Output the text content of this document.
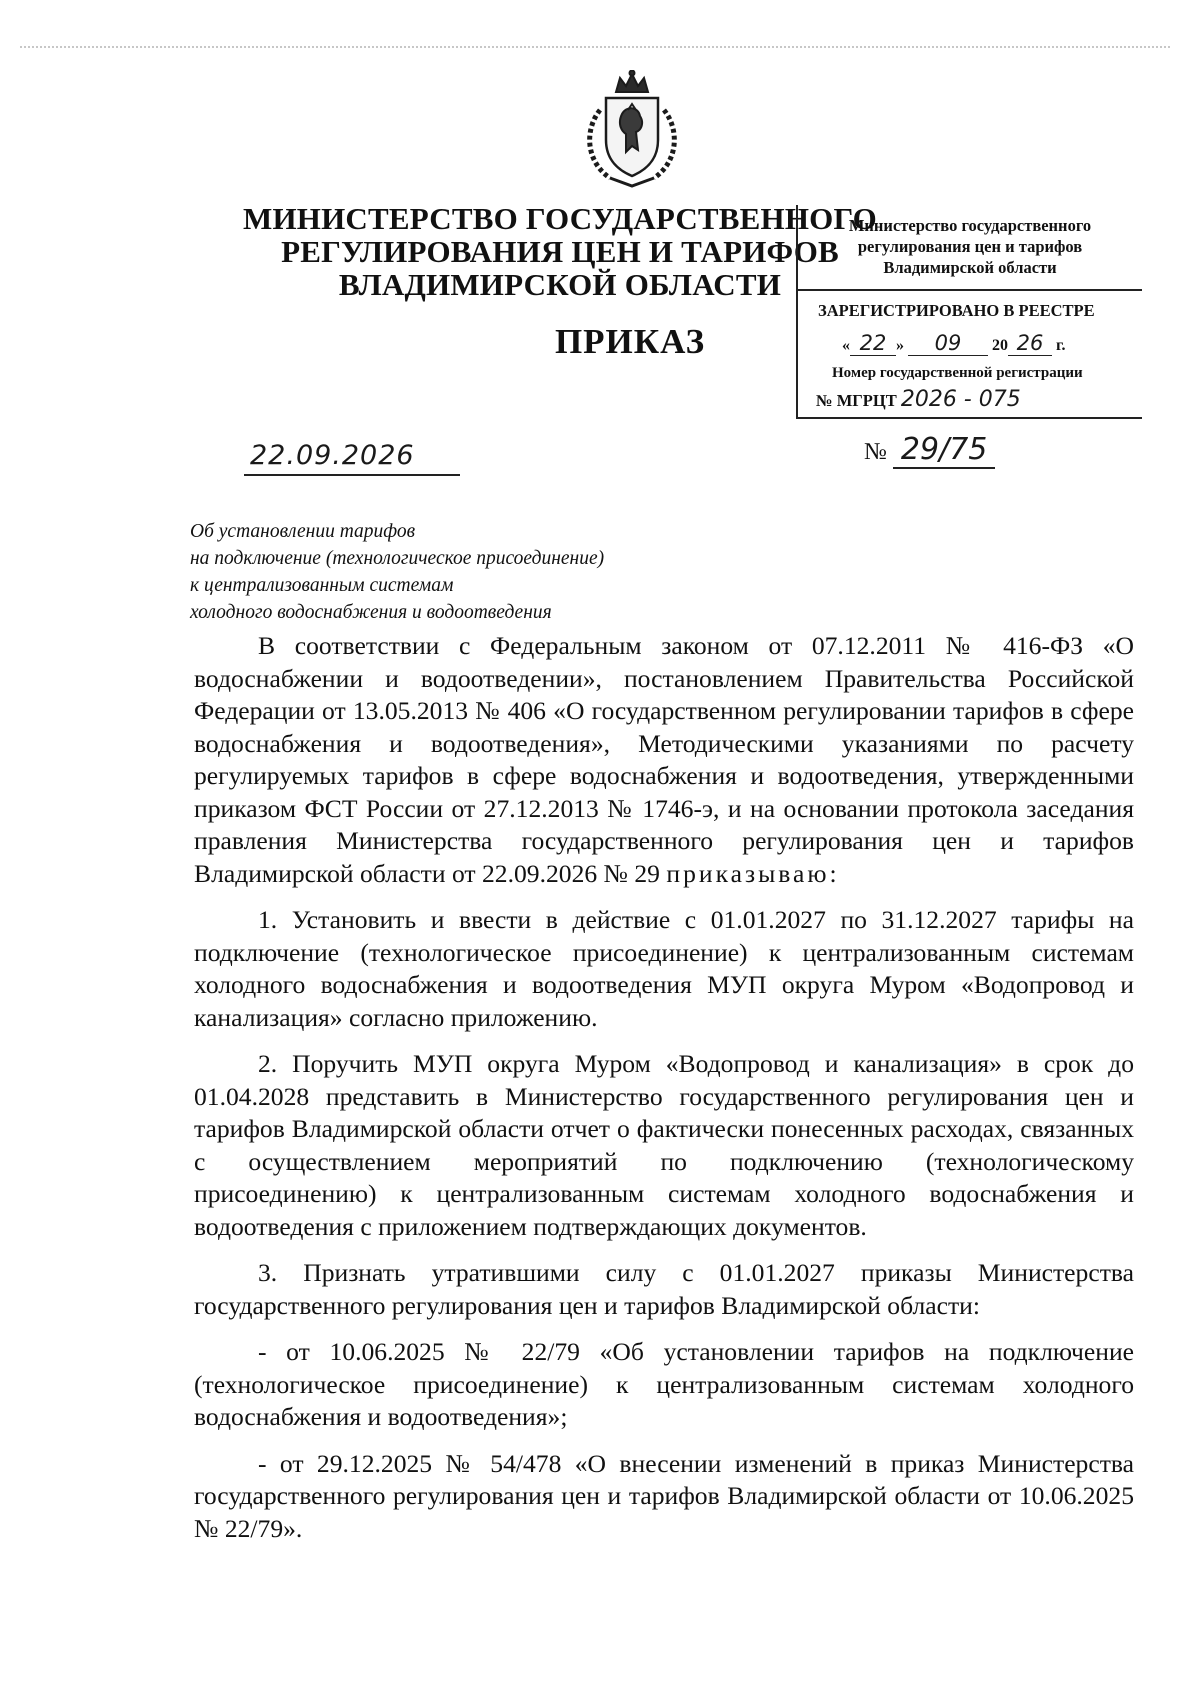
МИНИСТЕРСТВО ГОСУДАРСТВЕННОГО
РЕГУЛИРОВАНИЯ ЦЕН И ТАРИФОВ
ВЛАДИМИРСКОЙ ОБЛАСТИ
ПРИКАЗ
Министерство государственного
регулирования цен и тарифов
Владимирской области
ЗАРЕГИСТРИРОВАНО В РЕЕСТРЕ
« 22 » 09 20 26 г.
Номер государственной регистрации
№ МГРЦТ 2026 - 075
22.09.2026	№ 29/75
Об установлении тарифов
на подключение (технологическое присоединение)
к централизованным системам
холодного водоснабжения и водоотведения

В соответствии с Федеральным законом от 07.12.2011 № 416-ФЗ «О водоснабжении и водоотведении», постановлением Правительства Российской Федерации от 13.05.2013 № 406 «О государственном регулировании тарифов в сфере водоснабжения и водоотведения», Методическими указаниями по расчету регулируемых тарифов в сфере водоснабжения и водоотведения, утвержденными приказом ФСТ России от 27.12.2013 № 1746-э, и на основании протокола заседания правления Министерства государственного регулирования цен и тарифов Владимирской области от 22.09.2026 № 29 приказываю:

1. Установить и ввести в действие с 01.01.2027 по 31.12.2027 тарифы на подключение (технологическое присоединение) к централизованным системам холодного водоснабжения и водоотведения МУП округа Муром «Водопровод и канализация» согласно приложению.

2. Поручить МУП округа Муром «Водопровод и канализация» в срок до 01.04.2028 представить в Министерство государственного регулирования цен и тарифов Владимирской области отчет о фактически понесенных расходах, связанных с осуществлением мероприятий по подключению (технологическому присоединению) к централизованным системам холодного водоснабжения и водоотведения с приложением подтверждающих документов.

3. Признать утратившими силу с 01.01.2027 приказы Министерства государственного регулирования цен и тарифов Владимирской области:

- от 10.06.2025 № 22/79 «Об установлении тарифов на подключение (технологическое присоединение) к централизованным системам холодного водоснабжения и водоотведения»;

- от 29.12.2025 № 54/478 «О внесении изменений в приказ Министерства государственного регулирования цен и тарифов Владимирской области от 10.06.2025 № 22/79».
